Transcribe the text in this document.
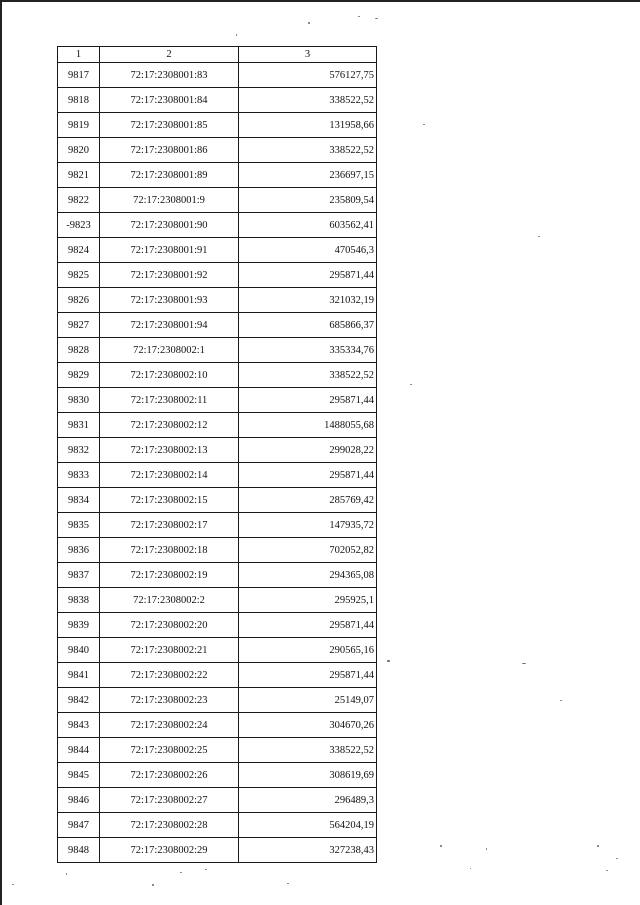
1	2	3
9817	72:17:2308001:83	576127,75
9818	72:17:2308001:84	338522,52
9819	72:17:2308001:85	131958,66
9820	72:17:2308001:86	338522,52
9821	72:17:2308001:89	236697,15
9822	72:17:2308001:9	235809,54
-9823	72:17:2308001:90	603562,41
9824	72:17:2308001:91	470546,3
9825	72:17:2308001:92	295871,44
9826	72:17:2308001:93	321032,19
9827	72:17:2308001:94	685866,37
9828	72:17:2308002:1	335334,76
9829	72:17:2308002:10	338522,52
9830	72:17:2308002:11	295871,44
9831	72:17:2308002:12	1488055,68
9832	72:17:2308002:13	299028,22
9833	72:17:2308002:14	295871,44
9834	72:17:2308002:15	285769,42
9835	72:17:2308002:17	147935,72
9836	72:17:2308002:18	702052,82
9837	72:17:2308002:19	294365,08
9838	72:17:2308002:2	295925,1
9839	72:17:2308002:20	295871,44
9840	72:17:2308002:21	290565,16
9841	72:17:2308002:22	295871,44
9842	72:17:2308002:23	25149,07
9843	72:17:2308002:24	304670,26
9844	72:17:2308002:25	338522,52
9845	72:17:2308002:26	308619,69
9846	72:17:2308002:27	296489,3
9847	72:17:2308002:28	564204,19
9848	72:17:2308002:29	327238,43
